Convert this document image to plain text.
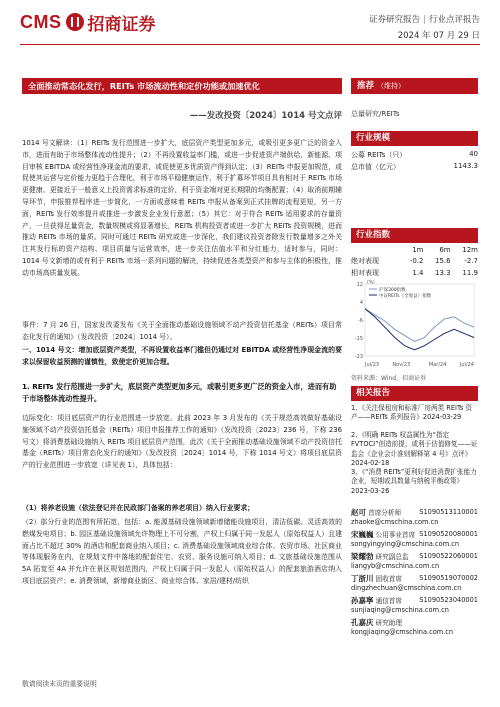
CMS 招商证券	证券研究报告 | 行业点评报告
2024 年 07 月 29 日
全面推动常态化发行，REITs 市场流动性和定价功能或加速优化
——发改投资〔2024〕1014 号文点评
推荐 （维持）
总量研究/REITs
行业规模
公募 REITs（只）	40
总市值（亿元）	1143.3
行业指数
	1m	6m	12m
绝对表现	-0.2	15.6	-2.7
相对表现	1.4	13.3	11.9
12
4
-6
-15
-23
Jul/23	Nov/23	Mar/24	Jul/24
沪深300指数
中证REITs（全收益）指数
(%)
资料来源：Wind，招商证券
相关报告
1、《关注保租房和标准厂房两类 REITs 资产——REITs 系列报告》2024-03-29
2、《明确 REITs 权益属性为“指定FVTOCI”创造前提，或利于估值修复——证监会《企业会计准则解释第 4 号》点评》2024-02-18
3、《“消费 REITs”更利好促进消费扩张能力企业，短期或具数量与纳税平衡政策》2023-03-26
赵可 首席分析师	S1090513110001

zhaoke@cmschina.com.cn
宋巍巍 公用事业首席 S1090520080001

songyingying@cmschina.com.cn
梁耀勃 研究副总监 S1090522060001

liangyb@cmschina.com.cn
丁浙川 固收首席	S1090519070002

dingzhechuan@cmschina.com.cn
孙嘉寧 通信首席	S1090523040001

sunjiaqing@cmschina.com.cn
孔嘉庆 研究助理

kongjiaqing@cmschina.com.cn
1014 号文解读：（1）REITs 发行范围进一步扩大，底层资产类型更加多元，或吸引更多更广泛的资金入市，进而有助于市场整体流动性提升；（2）不再设置收益率门槛，或进一步促进资产端供给，新能源、项目审核 EBITDA 或经营性净现金流的要求，或促使更多优质资产得到认定；（3）REITs 申报更加规范，或促使其运营与定价能力更趋于合理化，利于市场平稳健康运作，利于扩募环节项目具有相对于 REITs 市场更健康、更接近于一般意义上投资需求标准的定价，利于资金端对更长期限的均衡配置；（4）取消前期辅导环节，申报推荐程序进一步简化，一方面或意味着 REITs 申报从备案到正式挂牌的流程更短，另一方面，REITs 发行效率提升或推进一步激发企业发行意愿；（5）其它：对于符合 REITs 适用要求的存量资产，一旦获得足量资金，数量规模或将显著增长，REITs 机构投资者或进一步扩大 REITs 投资规模，进而推动 REITs 市场的量质。同时可通过 REITs 研究或进一步深化，我们建议投资者除发行数量增多之外关注其发行标的资产结构、项目质量与运营效率，进一步关注估值水平和分红能力，适时参与，同时：1014 号文新增的或有利于 REITs 市场一系列问题的解决，持续促进各类型资产和参与主体的积极性，推动市场高质量发展。
事件：7 月 26 日，国家发改委发布《关于全面推动基础设施领域不动产投资信托基金（REITs）项目常态化发行的通知》（发改投资〔2024〕1014 号）。
一、1014 号文：增加底层资产类型，不再设置收益率门槛但仍通过对 EBITDA 或经营性净现金流的要求以保留收益预测的谨慎性，致使定价更加合理。
1. REITs 发行范围进一步扩大，底层资产类型更加多元，或吸引更多更广泛的资金入市，进而有助于市场整体流动性提升。
边际变化：项目底层资产的行业范围进一步放宽。此前 2023 年 3 月发布的《关于规范高效做好基础设施领域不动产投资信托基金（REITs）项目申报推荐工作的通知》（发改投资〔2023〕236 号，下称 236 号文）将消费基础设施纳入 REITs 项目底层资产范围，此次《关于全面推动基础设施领域不动产投资信托基金（REITs）项目常态化发行的通知》（发改投资〔2024〕1014 号，下称 1014 号文）将项目底层资产的行业范围进一步放宽（详见表 1），具体包括：
（1）将养老设施（依法登记并在民政部门备案的养老项目）纳入行业要求；
（2）部分行业的范围有所拓宽，包括：a. 能源基础设施领域新增储能设施项目，清洁低碳、灵活高效的燃煤发电项目；b. 园区基础设施领域允许物理上不可分割，产权上归属于同一发起人（原始权益人）且建面占比不超过 30% 的酒店和配套商业纳入项目；c. 消费基础设施领域商业综合体、农贸市场、社区商业等体现服务在内，在规划文件中落地的配套住宅、农贸、服务设施可纳入项目；d. 文旅基础设施范围从 5A 拓宽至 4A 并允许在景区规划范围内，产权上归属于同一发起人（原始权益人）的配套旅游酒店纳入项目底层资产；e. 消费领域，新增商业街区、商业综合体、家居/建材/纺织
敬请阅读末页的重要说明
